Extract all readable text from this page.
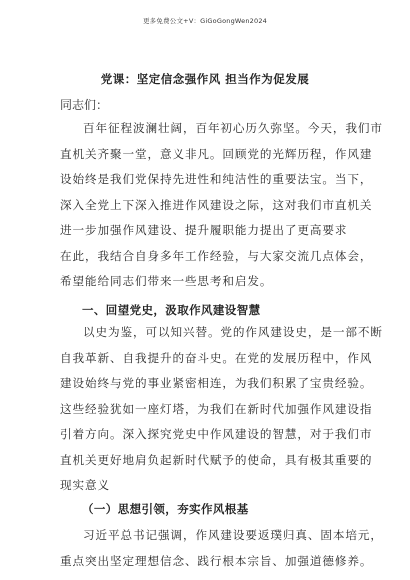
更多免费公文+V：GiGoGongWen2024
党课：坚定信念强作风 担当作为促发展
同志们：
百年征程波澜壮阔，百年初心历久弥坚。今天，我们市
直机关齐聚一堂，意义非凡。回顾党的光辉历程，作风建
设始终是我们党保持先进性和纯洁性的重要法宝。当下，
深入全党上下深入推进作风建设之际，这对我们市直机关
进一步加强作风建设、提升履职能力提出了更高要求
在此，我结合自身多年工作经验，与大家交流几点体会，
希望能给同志们带来一些思考和启发。
一、回望党史，汲取作风建设智慧
以史为鉴，可以知兴替。党的作风建设史，是一部不断
自我革新、自我提升的奋斗史。在党的发展历程中，作风
建设始终与党的事业紧密相连，为我们积累了宝贵经验。
这些经验犹如一座灯塔，为我们在新时代加强作风建设指
引着方向。深入探究党史中作风建设的智慧，对于我们市
直机关更好地肩负起新时代赋予的使命，具有极其重要的
现实意义
（一）思想引领，夯实作风根基
习近平总书记强调，作风建设要返璞归真、固本培元，
重点突出坚定理想信念、践行根本宗旨、加强道德修养。
